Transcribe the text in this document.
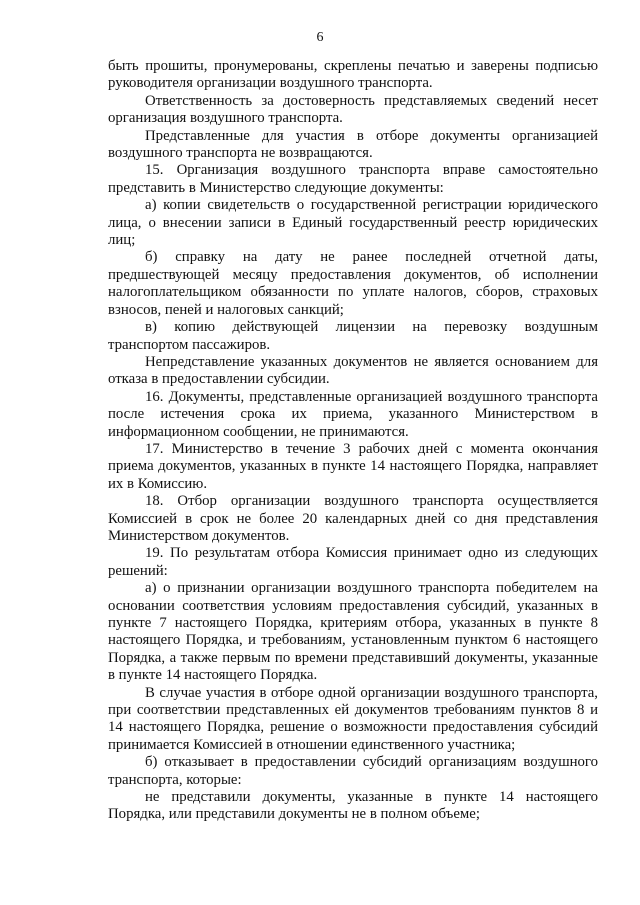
6

быть прошиты, пронумерованы, скреплены печатью и заверены подписью руководителя организации воздушного транспорта.

Ответственность за достоверность представляемых сведений несет организация воздушного транспорта.

Представленные для участия в отборе документы организацией воздушного транспорта не возвращаются.

15. Организация воздушного транспорта вправе самостоятельно представить в Министерство следующие документы:

а) копии свидетельств о государственной регистрации юридического лица, о внесении записи в Единый государственный реестр юридических лиц;

б) справку на дату не ранее последней отчетной даты, предшествующей месяцу предоставления документов, об исполнении налогоплательщиком обязанности по уплате налогов, сборов, страховых взносов, пеней и налоговых санкций;

в) копию действующей лицензии на перевозку воздушным транспортом пассажиров.

Непредставление указанных документов не является основанием для отказа в предоставлении субсидии.

16. Документы, представленные организацией воздушного транспорта после истечения срока их приема, указанного Министерством в информационном сообщении, не принимаются.

17. Министерство в течение 3 рабочих дней с момента окончания приема документов, указанных в пункте 14 настоящего Порядка, направляет их в Комиссию.

18. Отбор организации воздушного транспорта осуществляется Комиссией в срок не более 20 календарных дней со дня представления Министерством документов.

19. По результатам отбора Комиссия принимает одно из следующих решений:

а) о признании организации воздушного транспорта победителем на основании соответствия условиям предоставления субсидий, указанных в пункте 7 настоящего Порядка, критериям отбора, указанных в пункте 8 настоящего Порядка, и требованиям, установленным пунктом 6 настоящего Порядка, а также первым по времени представивший документы, указанные в пункте 14 настоящего Порядка.

В случае участия в отборе одной организации воздушного транспорта, при соответствии представленных ей документов требованиям пунктов 8 и 14 настоящего Порядка, решение о возможности предоставления субсидий принимается Комиссией в отношении единственного участника;

б) отказывает в предоставлении субсидий организациям воздушного транспорта, которые:

не представили документы, указанные в пункте 14 настоящего Порядка, или представили документы не в полном объеме;
